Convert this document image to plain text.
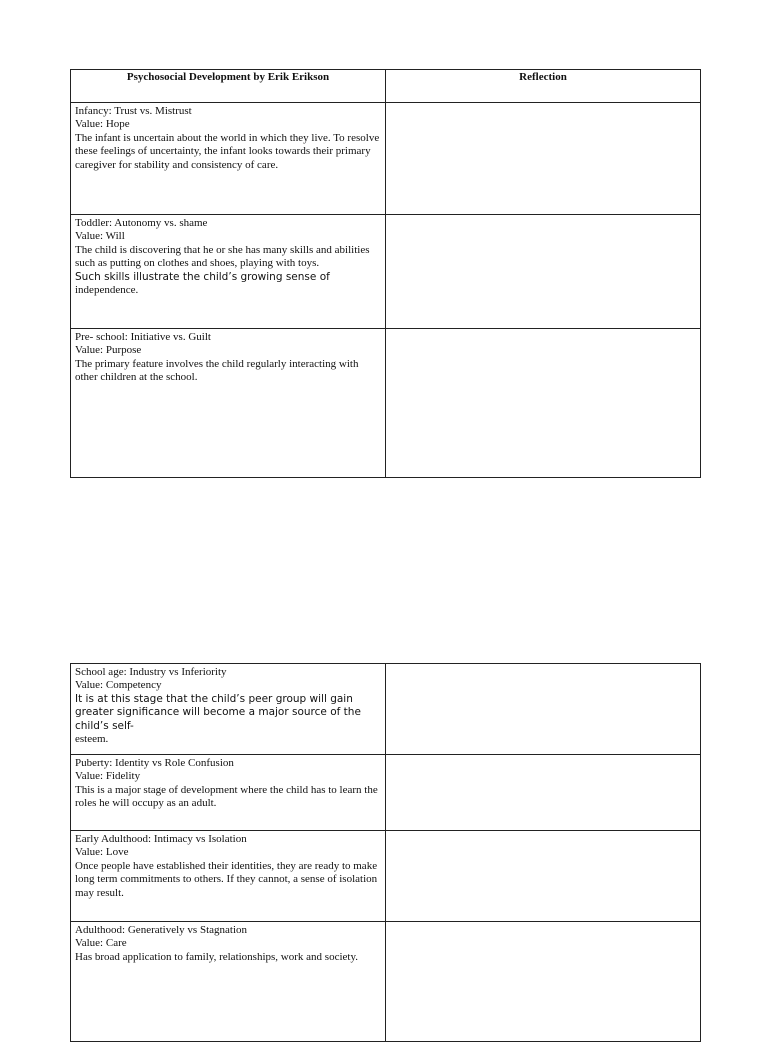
Psychosocial Development by Erik Erikson	Reflection

Infancy: Trust vs. Mistrust
Value: Hope
The infant is uncertain about the world in which they live. To resolve these feelings of uncertainty, the infant looks towards their primary caregiver for stability and consistency of care.	

Toddler: Autonomy vs. shame
Value: Will
The child is discovering that he or she has many skills and abilities such as putting on clothes and shoes, playing with toys.
Such skills illustrate the child’s growing sense of independence.	

Pre- school: Initiative vs. Guilt
Value: Purpose
The primary feature involves the child regularly interacting with other children at the school.	

School age: Industry vs Inferiority
Value: Competency
It is at this stage that the child’s peer group will gain greater significance will become a major source of the child’s self-
esteem.	

Puberty: Identity vs Role Confusion
Value: Fidelity
This is a major stage of development where the child has to learn the roles he will occupy as an adult.	

Early Adulthood: Intimacy vs Isolation
Value: Love
Once people have established their identities, they are ready to make long term commitments to others. If they cannot, a sense of isolation may result.	

Adulthood: Generatively vs Stagnation
Value: Care
Has broad application to family, relationships, work and society.	
